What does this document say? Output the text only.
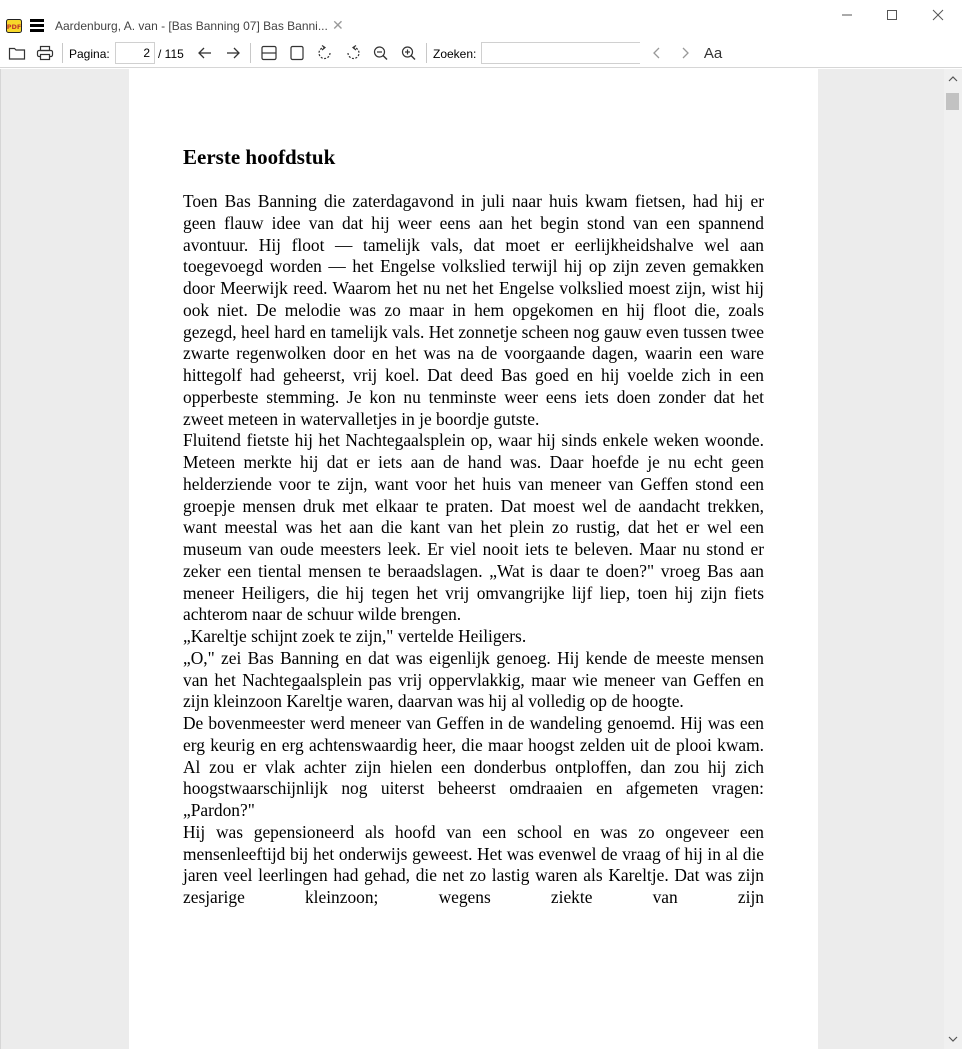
PDF	Aardenburg, A. van - [Bas Banning 07] Bas Banni... ✕
Pagina:	2 / 115	Zoeken:	Aa
Eerste hoofdstuk

Toen Bas Banning die zaterdagavond in juli naar huis kwam fietsen, had hij er geen flauw idee van dat hij weer eens aan het begin stond van een spannend avontuur. Hij floot — tamelijk vals, dat moet er eerlijkheidshalve wel aan toegevoegd worden — het Engelse volkslied terwijl hij op zijn zeven gemakken door Meerwijk reed. Waarom het nu net het Engelse volkslied moest zijn, wist hij ook niet. De melodie was zo maar in hem opgekomen en hij floot die, zoals gezegd, heel hard en tamelijk vals. Het zonnetje scheen nog gauw even tussen twee zwarte regenwolken door en het was na de voorgaande dagen, waarin een ware hittegolf had geheerst, vrij koel. Dat deed Bas goed en hij voelde zich in een opperbeste stemming. Je kon nu tenminste weer eens iets doen zonder dat het zweet meteen in watervalletjes in je boordje gutste.

Fluitend fietste hij het Nachtegaalsplein op, waar hij sinds enkele weken woonde. Meteen merkte hij dat er iets aan de hand was. Daar hoefde je nu echt geen helderziende voor te zijn, want voor het huis van meneer van Geffen stond een groepje mensen druk met elkaar te praten. Dat moest wel de aandacht trekken, want meestal was het aan die kant van het plein zo rustig, dat het er wel een museum van oude meesters leek. Er viel nooit iets te beleven. Maar nu stond er zeker een tiental mensen te beraadslagen. „Wat is daar te doen?" vroeg Bas aan meneer Heiligers, die hij tegen het vrij omvangrijke lijf liep, toen hij zijn fiets achterom naar de schuur wilde brengen.

„Kareltje schijnt zoek te zijn," vertelde Heiligers.

„O," zei Bas Banning en dat was eigenlijk genoeg. Hij kende de meeste mensen van het Nachtegaalsplein pas vrij oppervlakkig, maar wie meneer van Geffen en zijn kleinzoon Kareltje waren, daarvan was hij al volledig op de hoogte.

De bovenmeester werd meneer van Geffen in de wandeling genoemd. Hij was een erg keurig en erg achtenswaardig heer, die maar hoogst zelden uit de plooi kwam. Al zou er vlak achter zijn hielen een donderbus ontploffen, dan zou hij zich hoogstwaarschijnlijk nog uiterst beheerst omdraaien en afgemeten vragen: „Pardon?"

Hij was gepensioneerd als hoofd van een school en was zo ongeveer een mensenleeftijd bij het onderwijs geweest. Het was evenwel de vraag of hij in al die jaren veel leerlingen had gehad, die net zo lastig waren als Kareltje. Dat was zijn zesjarige kleinzoon; wegens ziekte van zijn
